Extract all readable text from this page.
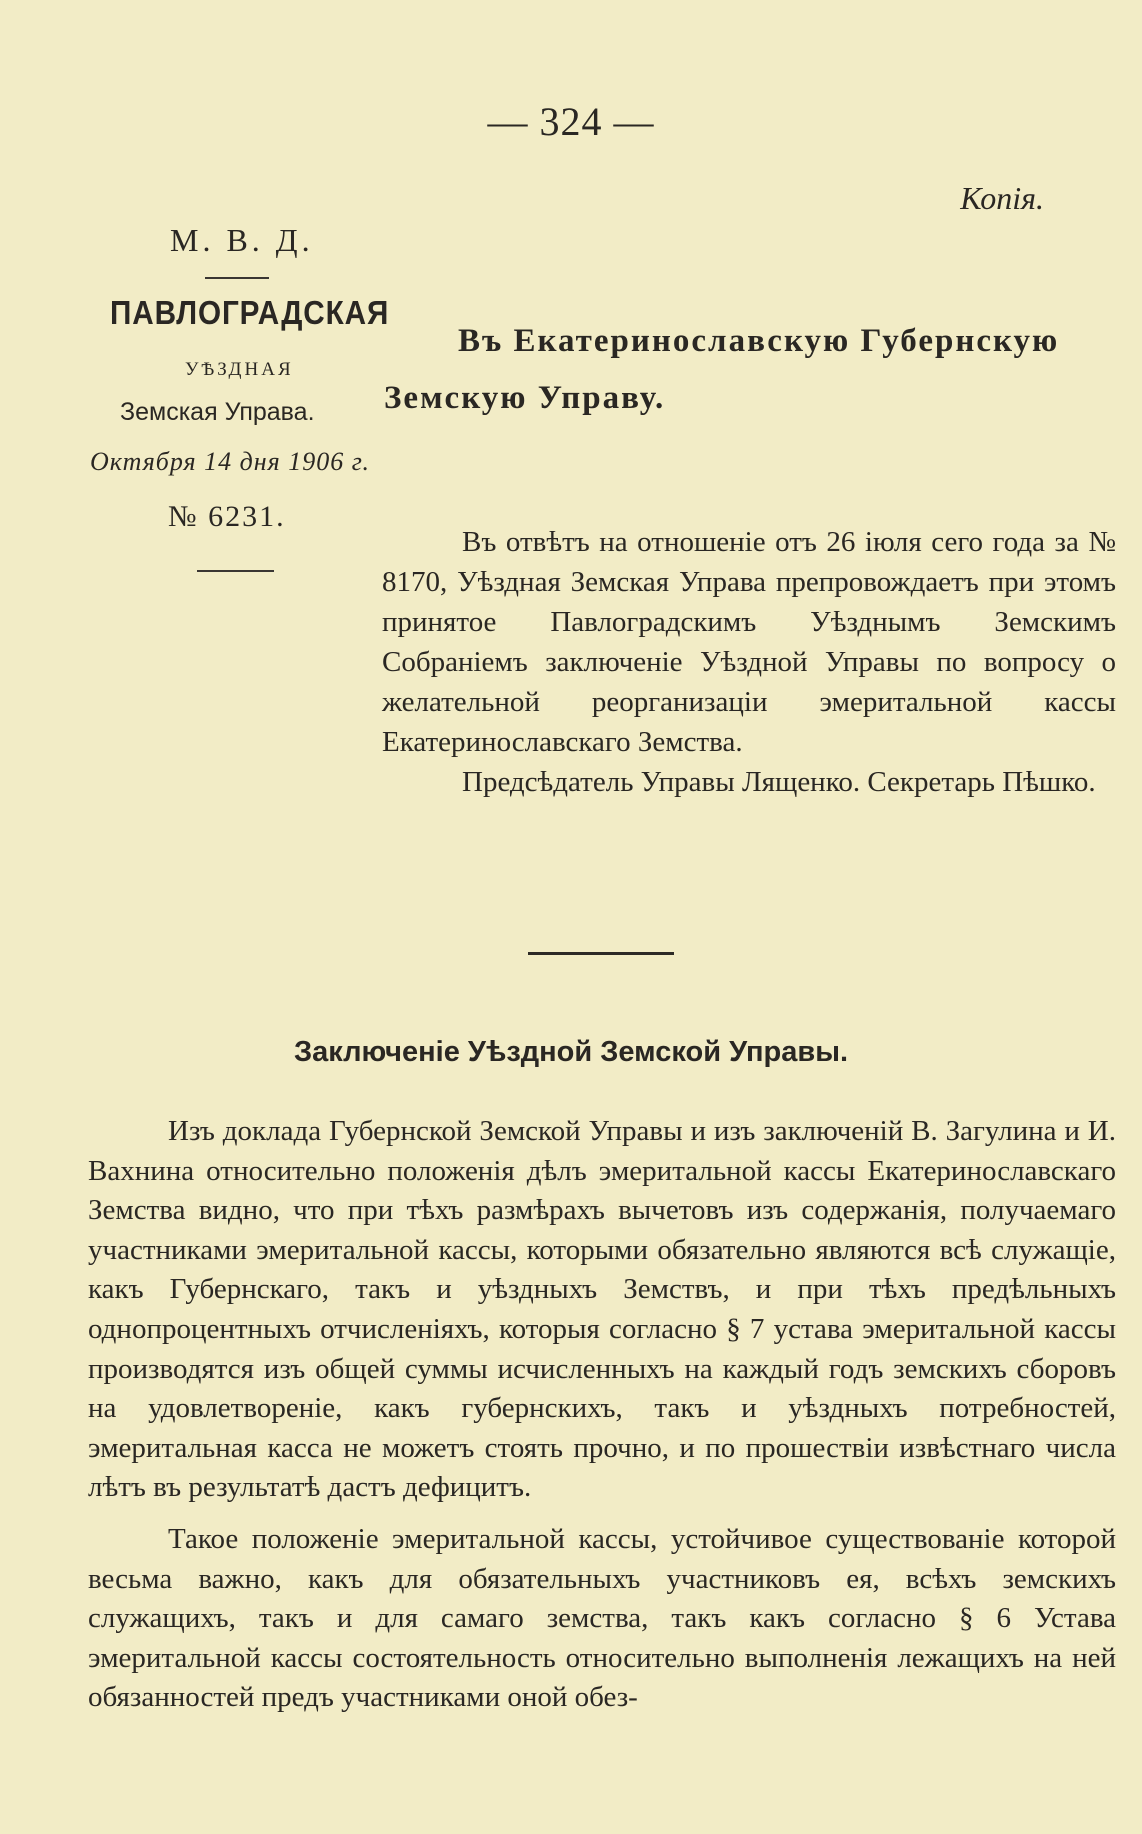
— 324 —
Копія.
М. В. Д.
ПАВЛОГРАДСКАЯ
УѢЗДНАЯ
Земская Управа.
Октября 14 дня 1906 г.
№ 6231.
Въ Екатеринославскую Губернскую
Земскую Управу.

Въ отвѣтъ на отношеніе отъ 26 іюля сего года за № 8170, Уѣздная Земская Управа препровождаетъ при этомъ принятое Павлоградскимъ Уѣзднымъ Земскимъ Собраніемъ заключеніе Уѣздной Управы по вопросу о желательной реорганизаціи эмеритальной кассы Екатеринославскаго Земства.

Предсѣдатель Управы Лященко. Секретарь Пѣшко.

Заключеніе Уѣздной Земской Управы.

Изъ доклада Губернской Земской Управы и изъ заключеній В. Загулина и И. Вахнина относительно положенія дѣлъ эмеритальной кассы Екатеринославскаго Земства видно, что при тѣхъ размѣрахъ вычетовъ изъ содержанія, получаемаго участниками эмеритальной кассы, которыми обязательно являются всѣ служащіе, какъ Губернскаго, такъ и уѣздныхъ Земствъ, и при тѣхъ предѣльныхъ однопроцентныхъ отчисленіяхъ, которыя согласно § 7 устава эмеритальной кассы производятся изъ общей суммы исчисленныхъ на каждый годъ земскихъ сборовъ на удовлетвореніе, какъ губернскихъ, такъ и уѣздныхъ потребностей, эмеритальная касса не можетъ стоять прочно, и по прошествіи извѣстнаго числа лѣтъ въ результатѣ дастъ дефицитъ.

Такое положеніе эмеритальной кассы, устойчивое существованіе которой весьма важно, какъ для обязательныхъ участниковъ ея, всѣхъ земскихъ служащихъ, такъ и для самаго земства, такъ какъ согласно § 6 Устава эмеритальной кассы состоятельность относительно выполненія лежащихъ на ней обязанностей предъ участниками оной обез-
